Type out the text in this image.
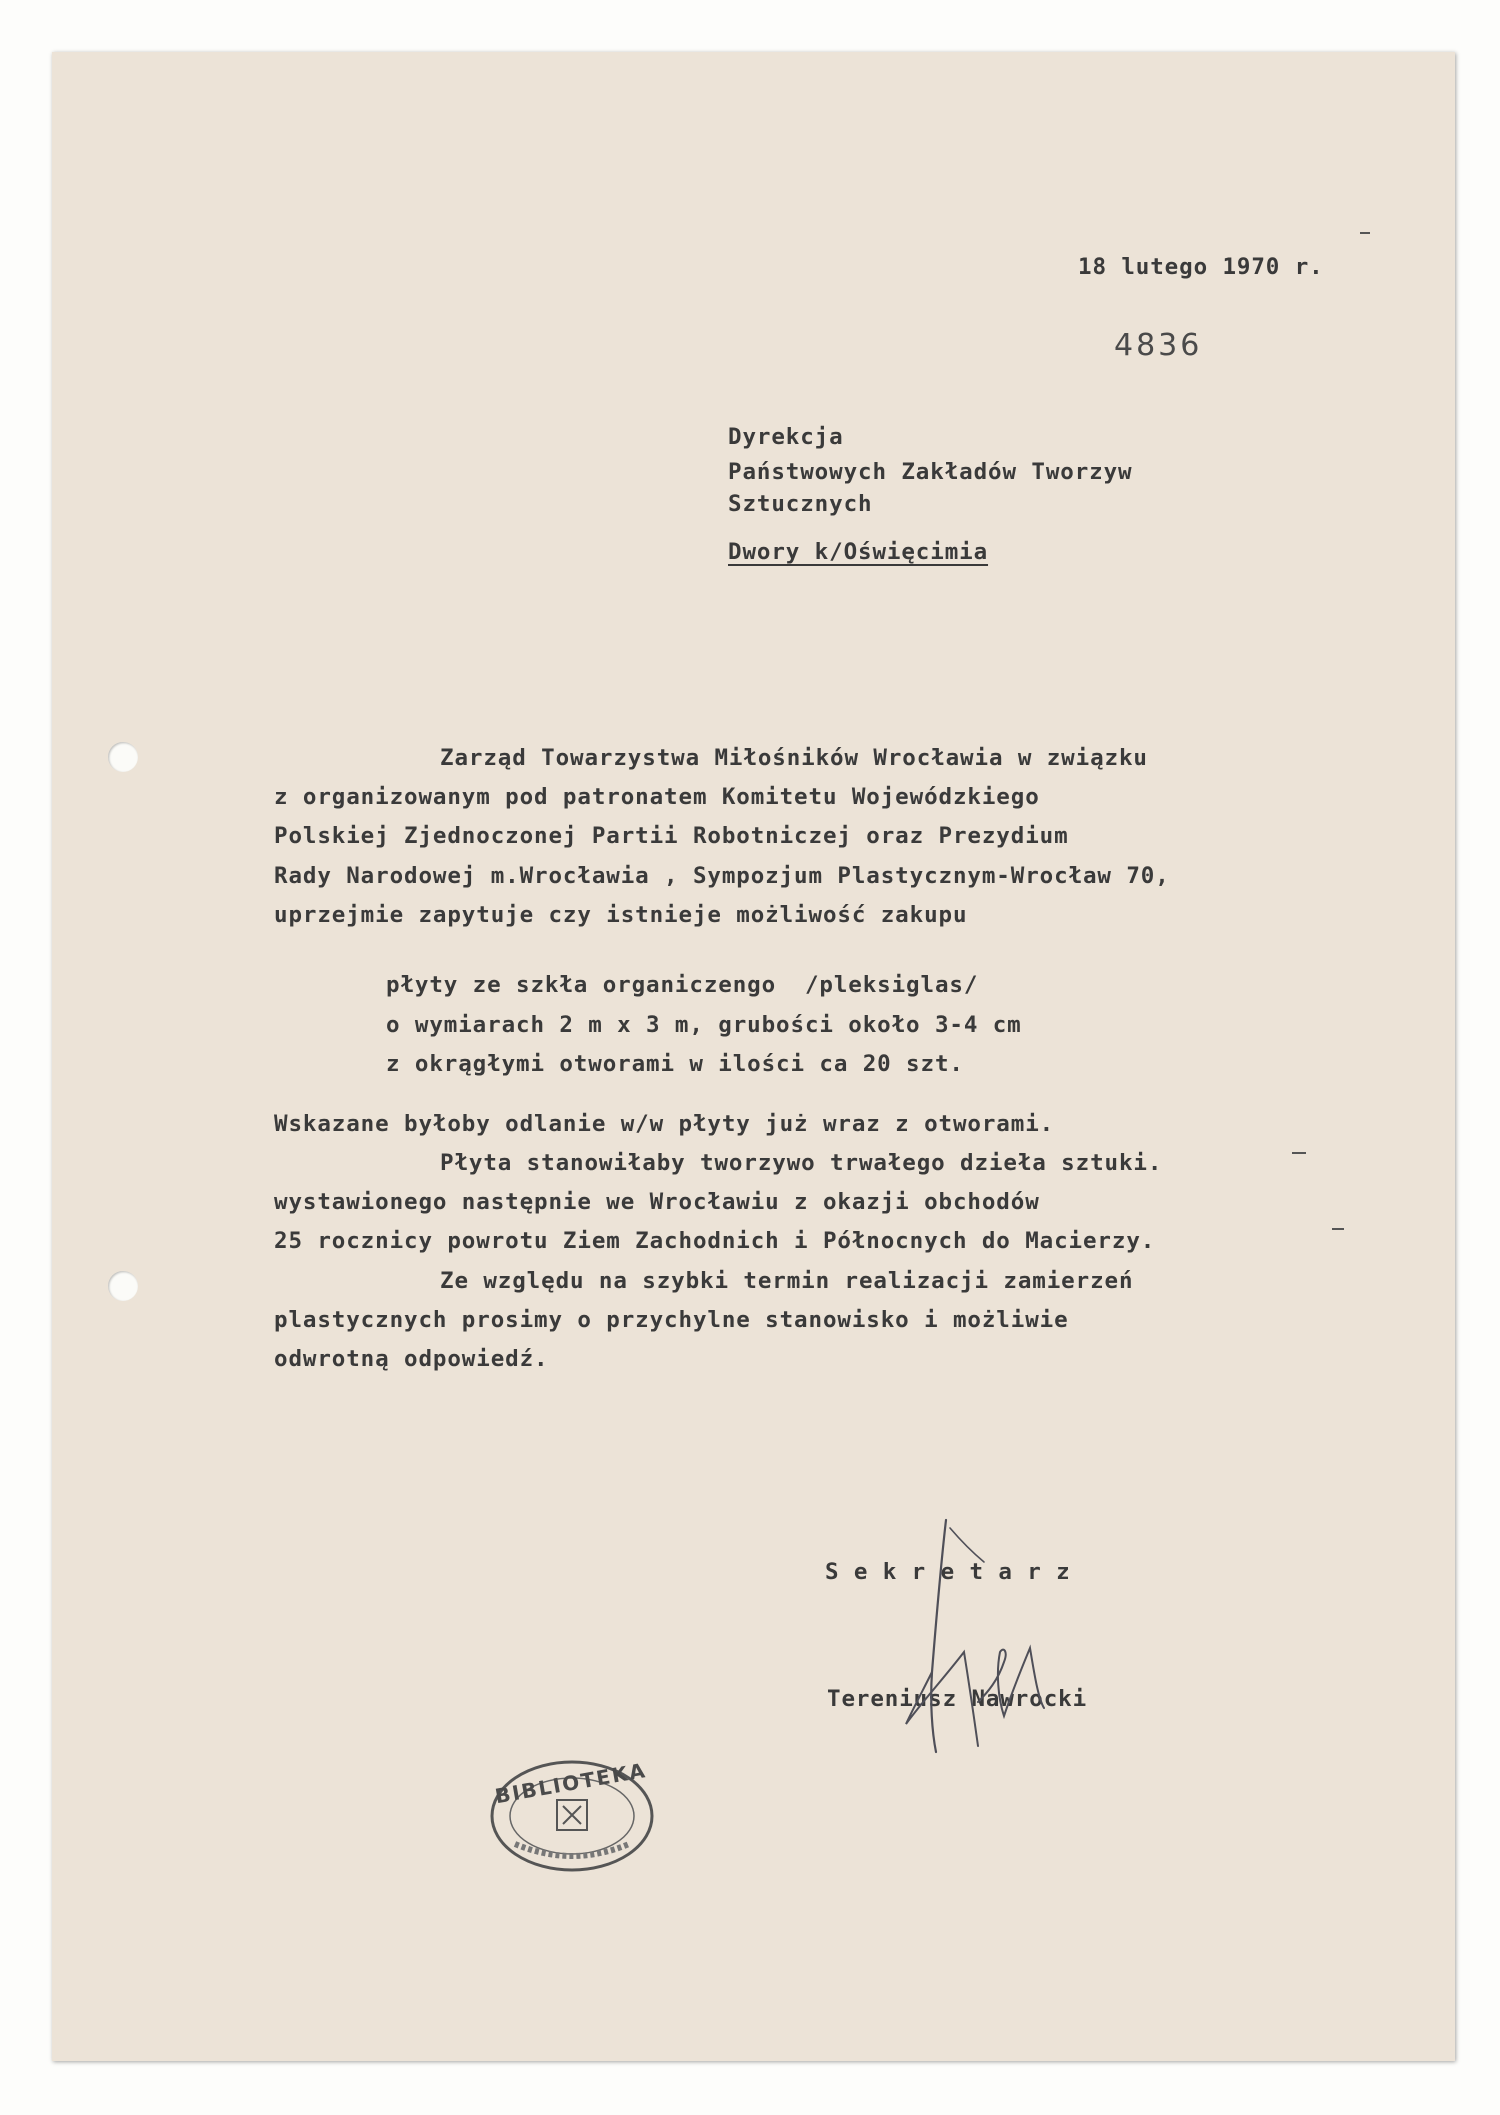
18 lutego 1970 r.
4836
Dyrekcja
Państwowych Zakładów Tworzyw
Sztucznych
Dwory k/Oświęcimia
Zarząd Towarzystwa Miłośników Wrocławia w związku
z organizowanym pod patronatem Komitetu Wojewódzkiego
Polskiej Zjednoczonej Partii Robotniczej oraz Prezydium
Rady Narodowej m.Wrocławia , Sympozjum Plastycznym-Wrocław 70,
uprzejmie zapytuje czy istnieje możliwość zakupu
płyty ze szkła organiczengo  /pleksiglas/
o wymiarach 2 m x 3 m, grubości około 3-4 cm
z okrągłymi otworami w ilości ca 20 szt.
Wskazane byłoby odlanie w/w płyty już wraz z otworami.
Płyta stanowiłaby tworzywo trwałego dzieła sztuki.
wystawionego następnie we Wrocławiu z okazji obchodów
25 rocznicy powrotu Ziem Zachodnich i Północnych do Macierzy.
Ze względu na szybki termin realizacji zamierzeń
plastycznych prosimy o przychylne stanowisko i możliwie
odwrotną odpowiedź.
S e k r e t a r z
Tereniusz Nawrocki
BIBLIOTEKA
